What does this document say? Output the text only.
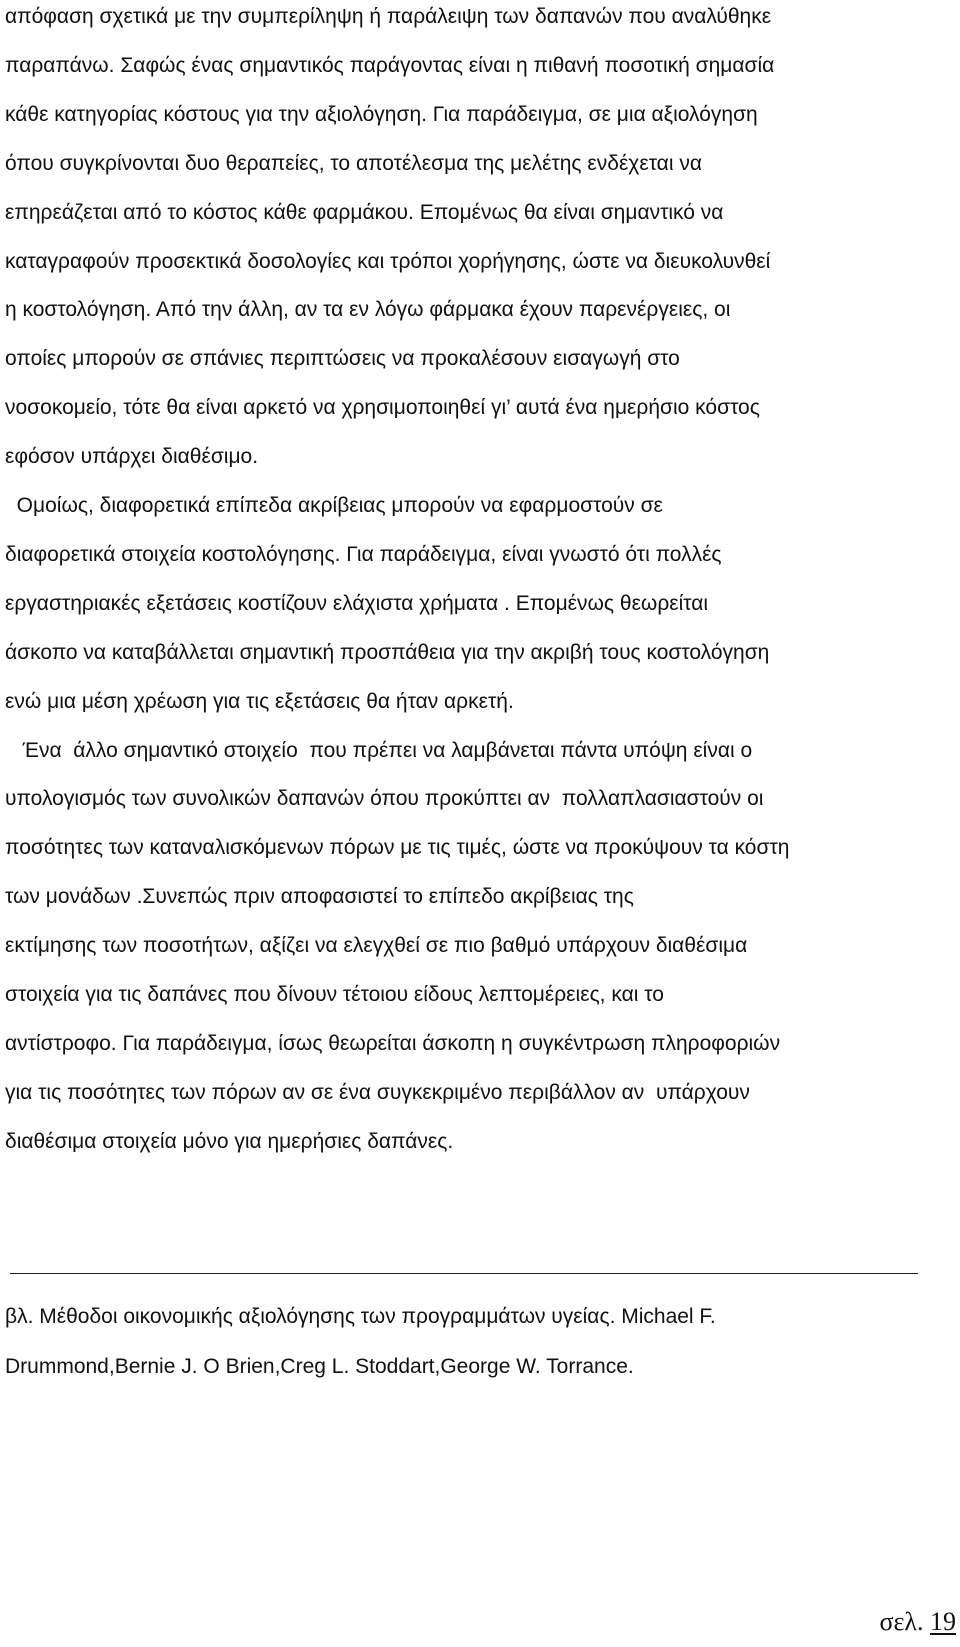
απόφαση σχετικά με την συμπερίληψη ή παράλειψη των δαπανών που αναλύθηκε

παραπάνω. Σαφώς ένας σημαντικός παράγοντας είναι η πιθανή ποσοτική σημασία

κάθε κατηγορίας κόστους για την αξιολόγηση. Για παράδειγμα, σε μια αξιολόγηση

όπου συγκρίνονται δυο θεραπείες, το αποτέλεσμα της μελέτης ενδέχεται να

επηρεάζεται από το κόστος κάθε φαρμάκου. Επομένως θα είναι σημαντικό να

καταγραφούν προσεκτικά δοσολογίες και τρόποι χορήγησης, ώστε να διευκολυνθεί

η κοστολόγηση. Από την άλλη, αν τα εν λόγω φάρμακα έχουν παρενέργειες, οι

οποίες μπορούν σε σπάνιες περιπτώσεις να προκαλέσουν εισαγωγή στο

νοσοκομείο, τότε θα είναι αρκετό να χρησιμοποιηθεί γι’ αυτά ένα ημερήσιο κόστος

εφόσον υπάρχει διαθέσιμο.

Ομοίως, διαφορετικά επίπεδα ακρίβειας μπορούν να εφαρμοστούν σε

διαφορετικά στοιχεία κοστολόγησης. Για παράδειγμα, είναι γνωστό ότι πολλές

εργαστηριακές εξετάσεις κοστίζουν ελάχιστα χρήματα . Επομένως θεωρείται

άσκοπο να καταβάλλεται σημαντική προσπάθεια για την ακριβή τους κοστολόγηση

ενώ μια μέση χρέωση για τις εξετάσεις θα ήταν αρκετή.

Ένα  άλλο σημαντικό στοιχείο  που πρέπει να λαμβάνεται πάντα υπόψη είναι ο

υπολογισμός των συνολικών δαπανών όπου προκύπτει αν  πολλαπλασιαστούν οι

ποσότητες των καταναλισκόμενων πόρων με τις τιμές, ώστε να προκύψουν τα κόστη

των μονάδων .Συνεπώς πριν αποφασιστεί το επίπεδο ακρίβειας της

εκτίμησης των ποσοτήτων, αξίζει να ελεγχθεί σε πιο βαθμό υπάρχουν διαθέσιμα

στοιχεία για τις δαπάνες που δίνουν τέτοιου είδους λεπτομέρειες, και το

αντίστροφο. Για παράδειγμα, ίσως θεωρείται άσκοπη η συγκέντρωση πληροφοριών

για τις ποσότητες των πόρων αν σε ένα συγκεκριμένο περιβάλλον αν  υπάρχουν

διαθέσιμα στοιχεία μόνο για ημερήσιες δαπάνες.

βλ. Μέθοδοι οικονομικής αξιολόγησης των προγραμμάτων υγείας. Michael F.

Drummond,Bernie J. O Brien,Creg L. Stoddart,George W. Torrance.

σελ. 19
